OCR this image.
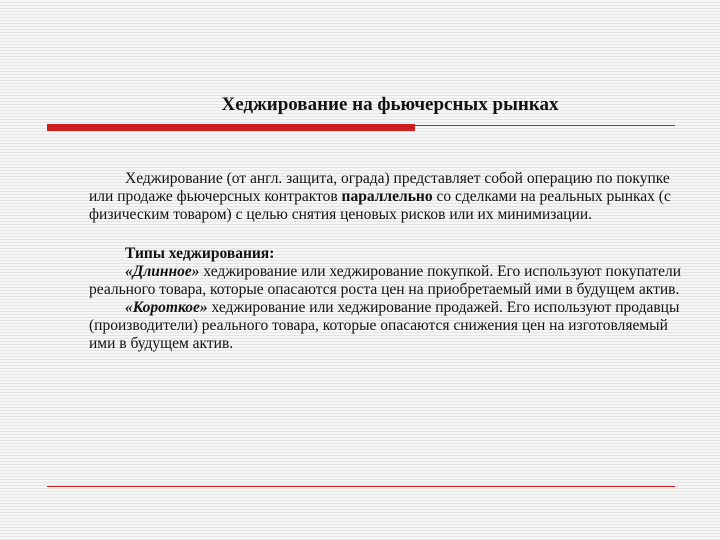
Хеджирование на фьючерсных рынках

Хеджирование (от англ. защита, ограда) представляет собой операцию по покупке или продаже фьючерсных контрактов параллельно со сделками на реальных рынках (с физическим товаром) с целью снятия ценовых рисков или их минимизации.

Типы хеджирования:

«Длинное» хеджирование или хеджирование покупкой. Его используют покупатели реального товара, которые опасаются роста цен на приобретаемый ими в будущем актив.

«Короткое» хеджирование или хеджирование продажей. Его используют продавцы (производители) реального товара, которые опасаются снижения цен на изготовляемый ими в будущем актив.
